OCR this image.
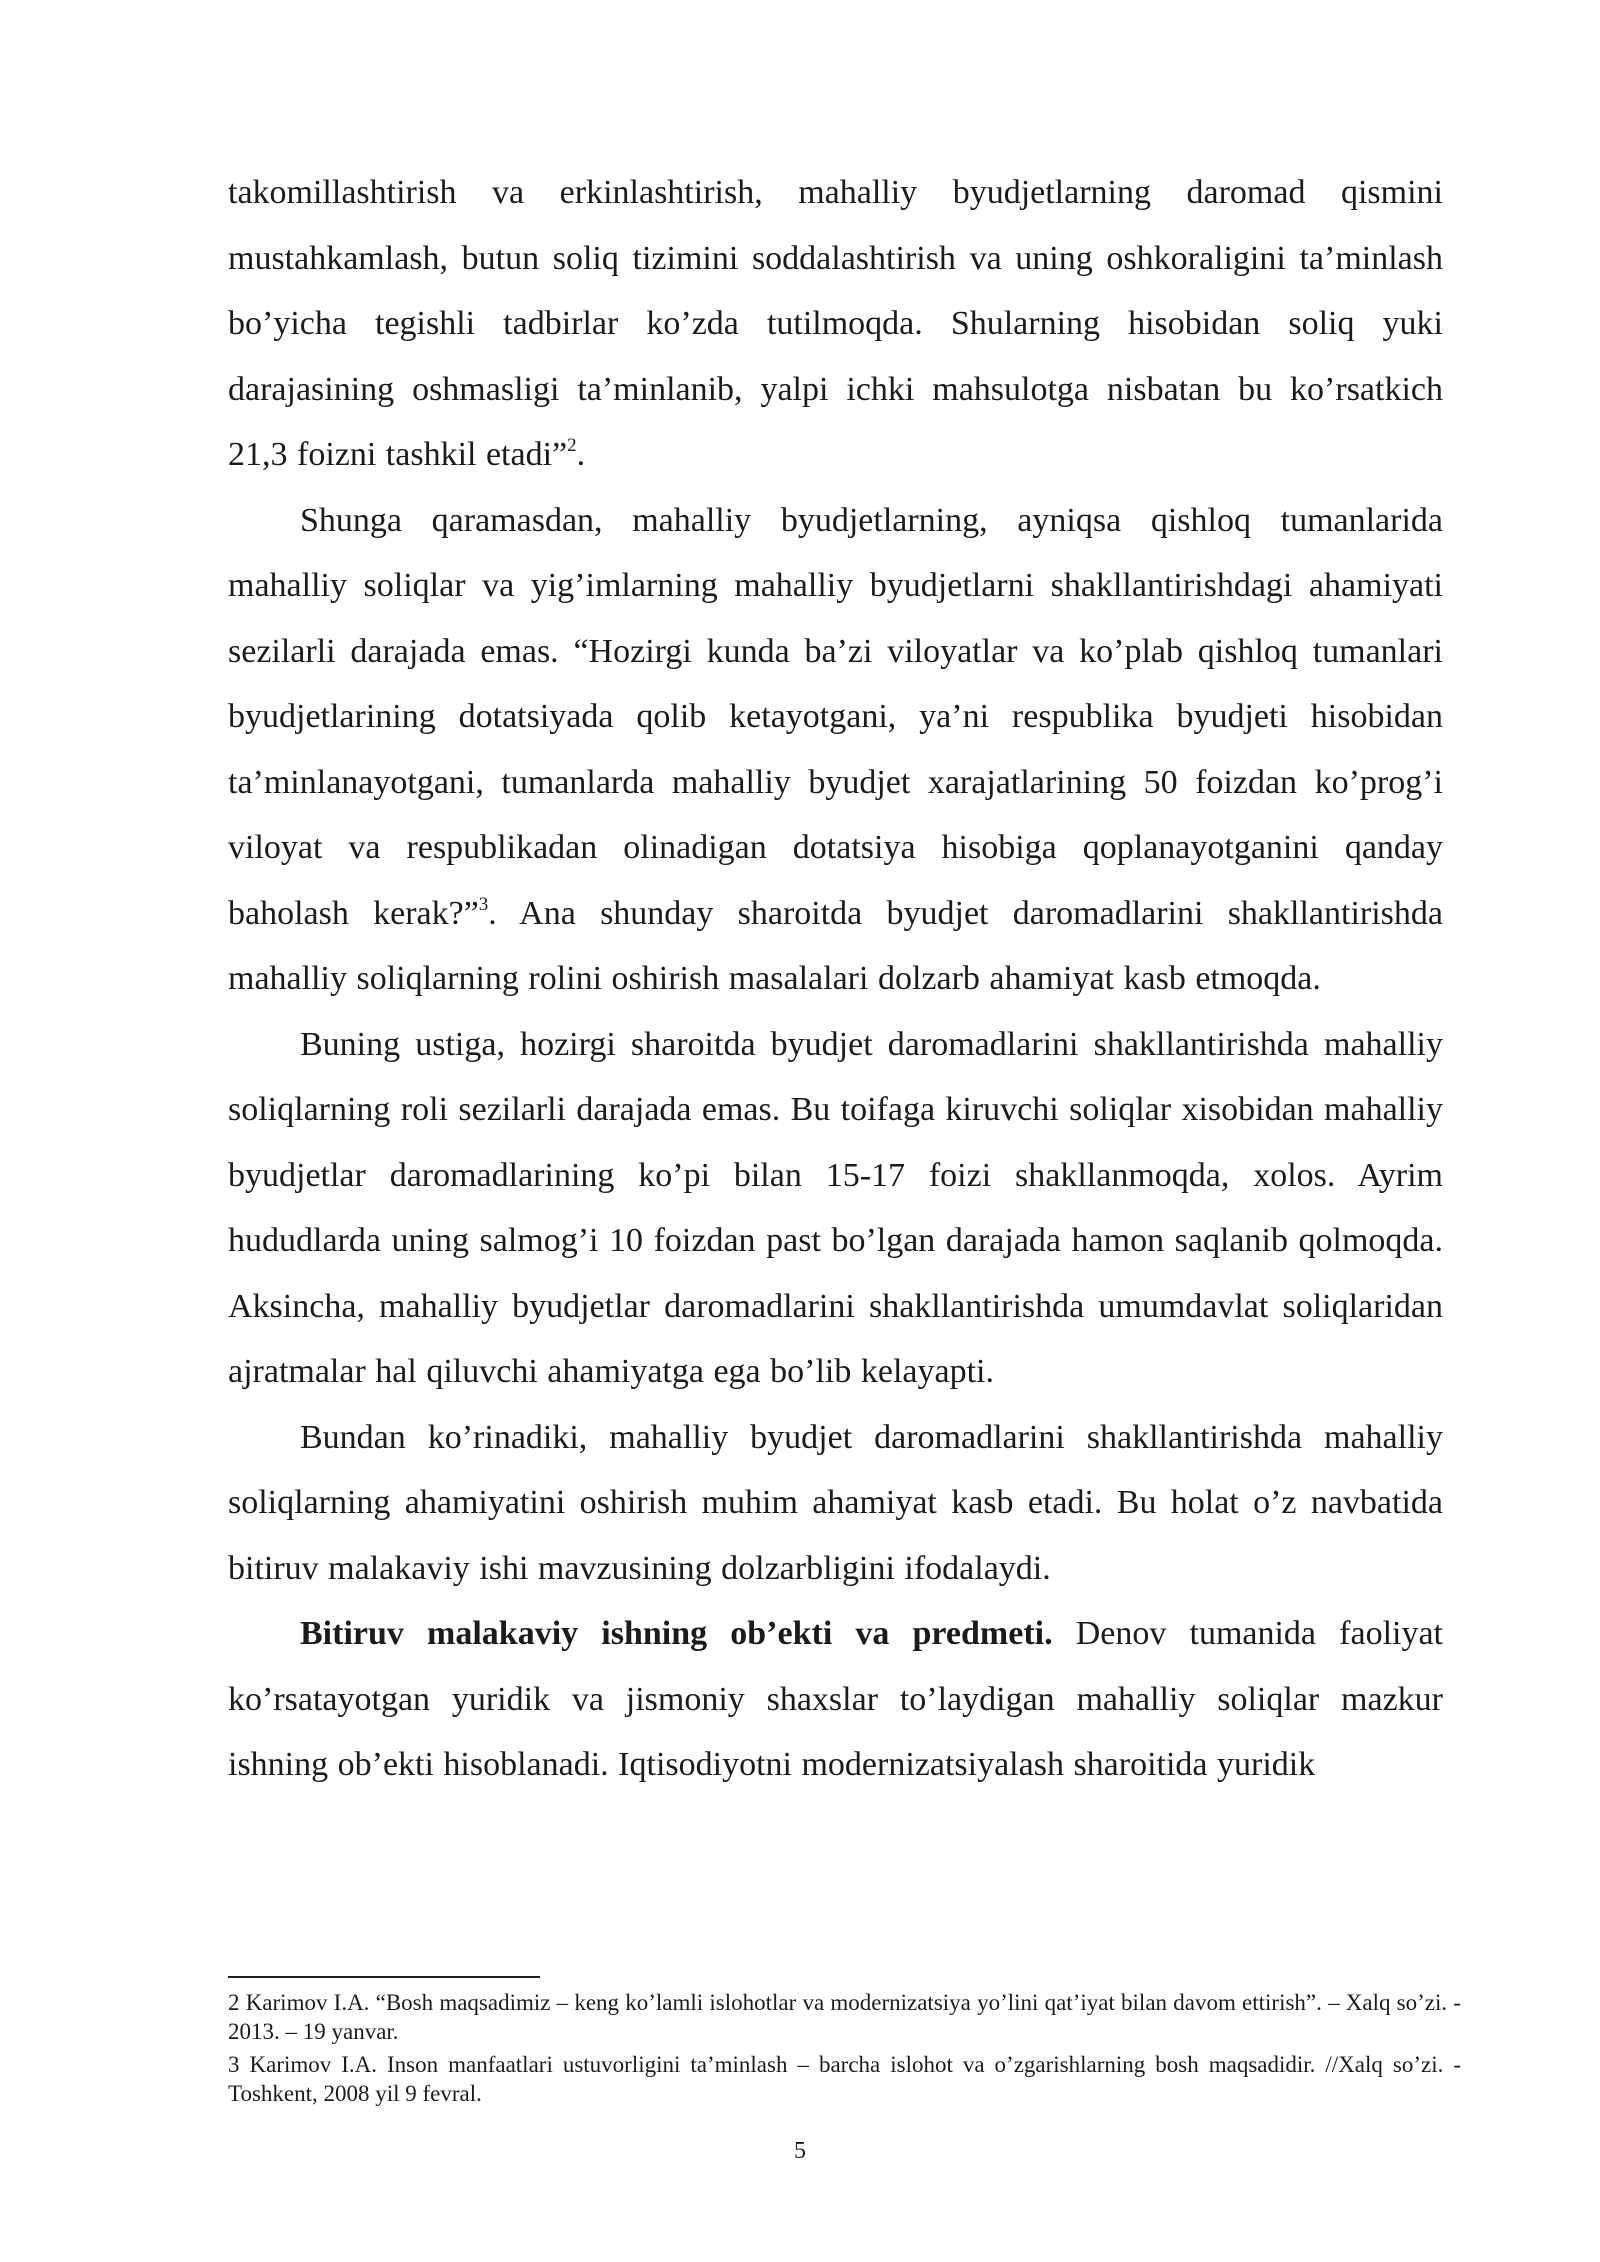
takomillashtirish va erkinlashtirish, mahalliy byudjetlarning daromad qismini mustahkamlash, butun soliq tizimini soddalashtirish va uning oshkoraligini ta’minlash bo’yicha tegishli tadbirlar ko’zda tutilmoqda. Shularning hisobidan soliq yuki darajasining oshmasligi ta’minlanib, yalpi ichki mahsulotga nisbatan bu ko’rsatkich 21,3 foizni tashkil etadi”$^2$.

Shunga qaramasdan, mahalliy byudjetlarning, ayniqsa qishloq tumanlarida mahalliy soliqlar va yig’imlarning mahalliy byudjetlarni shakllantirishdagi ahamiyati sezilarli darajada emas. “Hozirgi kunda ba’zi viloyatlar va ko’plab qishloq tumanlari byudjetlarining dotatsiyada qolib ketayotgani, ya’ni respublika byudjeti hisobidan ta’minlanayotgani, tumanlarda mahalliy byudjet xarajatlarining 50 foizdan ko’prog’i viloyat va respublikadan olinadigan dotatsiya hisobiga qoplanayotganini qanday baholash kerak?”$^3$. Ana shunday sharoitda byudjet daromadlarini shakllantirishda mahalliy soliqlarning rolini oshirish masalalari dolzarb ahamiyat kasb etmoqda.

Buning ustiga, hozirgi sharoitda byudjet daromadlarini shakllantirishda mahalliy soliqlarning roli sezilarli darajada emas. Bu toifaga kiruvchi soliqlar xisobidan mahalliy byudjetlar daromadlarining ko’pi bilan 15-17 foizi shakllanmoqda, xolos. Ayrim hududlarda uning salmog’i 10 foizdan past bo’lgan darajada hamon saqlanib qolmoqda. Aksincha, mahalliy byudjetlar daromadlarini shakllantirishda umumdavlat soliqlaridan ajratmalar hal qiluvchi ahamiyatga ega bo’lib kelayapti.

Bundan ko’rinadiki, mahalliy byudjet daromadlarini shakllantirishda mahalliy soliqlarning ahamiyatini oshirish muhim ahamiyat kasb etadi. Bu holat o’z navbatida bitiruv malakaviy ishi mavzusining dolzarbligini ifodalaydi.

Bitiruv malakaviy ishning ob’ekti va predmeti. Denov tumanida faoliyat ko’rsatayotgan yuridik va jismoniy shaxslar to’laydigan mahalliy soliqlar mazkur ishning ob’ekti hisoblanadi. Iqtisodiyotni modernizatsiyalash sharoitida yuridik

2 Karimov I.A. “Bosh maqsadimiz – keng ko’lamli islohotlar va modernizatsiya yo’lini qat’iyat bilan davom ettirish”. – Xalq so’zi. - 2013. – 19 yanvar.

3 Karimov I.A. Inson manfaatlari ustuvorligini ta’minlash – barcha islohot va o’zgarishlarning bosh maqsadidir. //Xalq so’zi. - Toshkent, 2008 yil 9 fevral.

5
